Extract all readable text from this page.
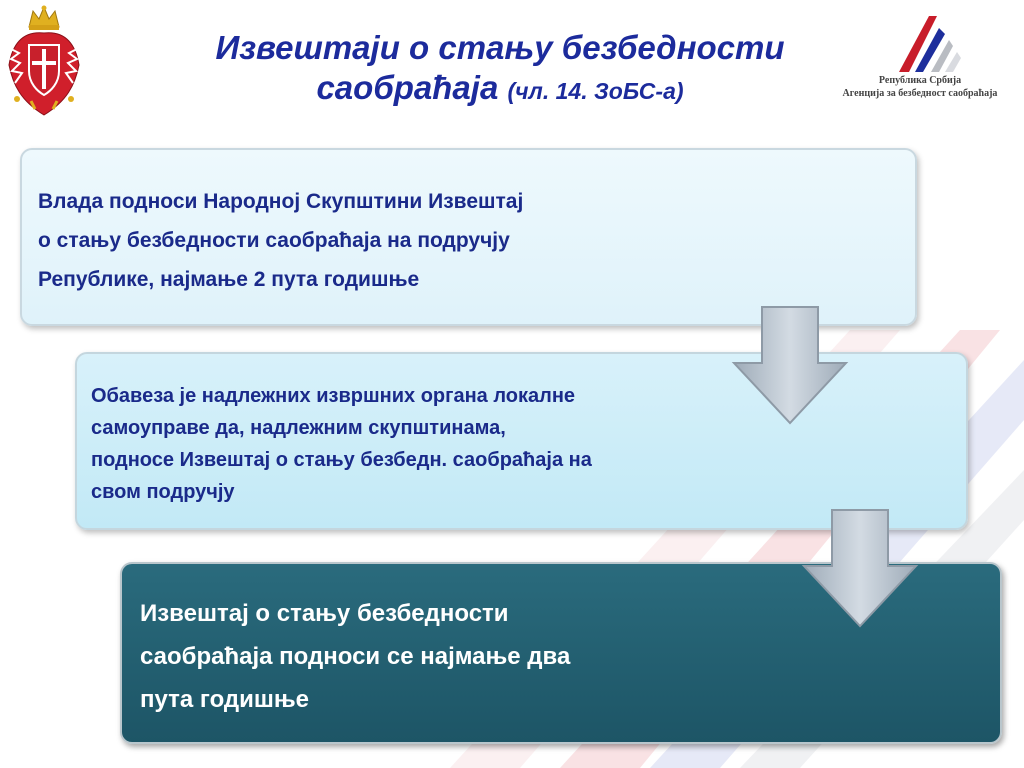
Извештаји о стању безбедности
саобраћаја (чл. 14. ЗоБС-а)	Република Србија
Агенција за безбедност саобраћаја
Влада подноси Народној Скупштини Извештај
о стању безбедности саобраћаја на подручју
Републике, најмање 2 пута годишње
Обавеза је надлежних извршних органа локалне
самоуправе да, надлежним скупштинама,
подносе Извештај о стању безбедн. саобраћаја на
свом подручју
Извештај о стању безбедности
саобраћаја подноси се најмање два
пута годишње
